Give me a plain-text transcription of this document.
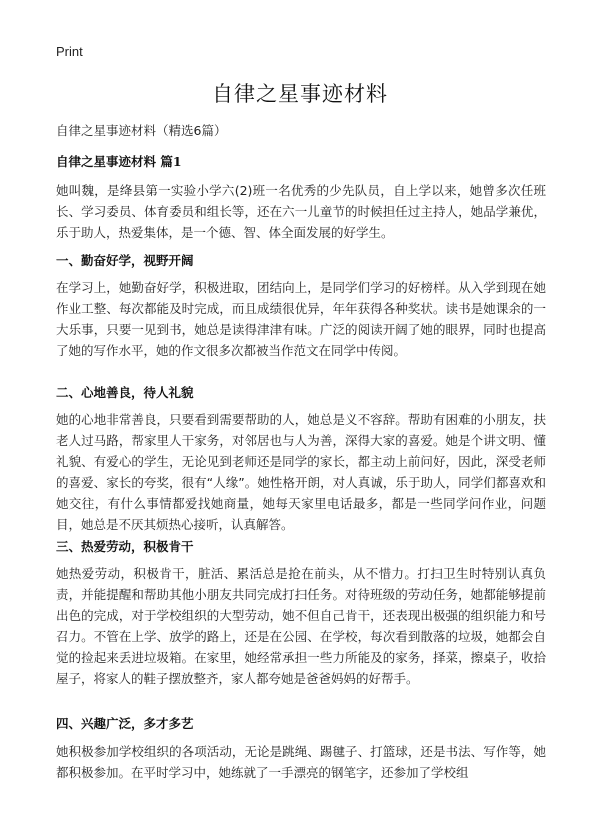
Print
自律之星事迹材料
自律之星事迹材料（精选6篇）
自律之星事迹材料 篇1

她叫魏，是绛县第一实验小学六(2)班一名优秀的少先队员，自上学以来，她曾多次任班长、学习委员、体育委员和组长等，还在六一儿童节的时候担任过主持人，她品学兼优，乐于助人，热爱集体，是一个德、智、体全面发展的好学生。

一、勤奋好学，视野开阔

在学习上，她勤奋好学，积极进取，团结向上，是同学们学习的好榜样。从入学到现在她作业工整、每次都能及时完成，而且成绩很优异，年年获得各种奖状。读书是她课余的一大乐事，只要一见到书，她总是读得津津有味。广泛的阅读开阔了她的眼界，同时也提高了她的写作水平，她的作文很多次都被当作范文在同学中传阅。

二、心地善良，待人礼貌

她的心地非常善良，只要看到需要帮助的人，她总是义不容辞。帮助有困难的小朋友，扶老人过马路，帮家里人干家务，对邻居也与人为善，深得大家的喜爱。她是个讲文明、懂礼貌、有爱心的学生，无论见到老师还是同学的家长，都主动上前问好，因此，深受老师的喜爱、家长的夸奖，很有“人缘”。她性格开朗，对人真诚，乐于助人，同学们都喜欢和她交往，有什么事情都爱找她商量，她每天家里电话最多，都是一些同学问作业，问题目，她总是不厌其烦热心接听，认真解答。

三、热爱劳动，积极肯干

她热爱劳动，积极肯干，脏活、累活总是抢在前头，从不惜力。打扫卫生时特别认真负责，并能提醒和帮助其他小朋友共同完成打扫任务。对待班级的劳动任务，她都能够提前出色的完成，对于学校组织的大型劳动，她不但自己肯干，还表现出极强的组织能力和号召力。不管在上学、放学的路上，还是在公园、在学校，每次看到散落的垃圾，她都会自觉的捡起来丢进垃圾箱。在家里，她经常承担一些力所能及的家务，择菜，擦桌子，收拾屋子，将家人的鞋子摆放整齐，家人都夸她是爸爸妈妈的好帮手。

四、兴趣广泛，多才多艺

她积极参加学校组织的各项活动，无论是跳绳、踢毽子、打篮球，还是书法、写作等，她都积极参加。在平时学习中，她练就了一手漂亮的钢笔字，还参加了学校组
